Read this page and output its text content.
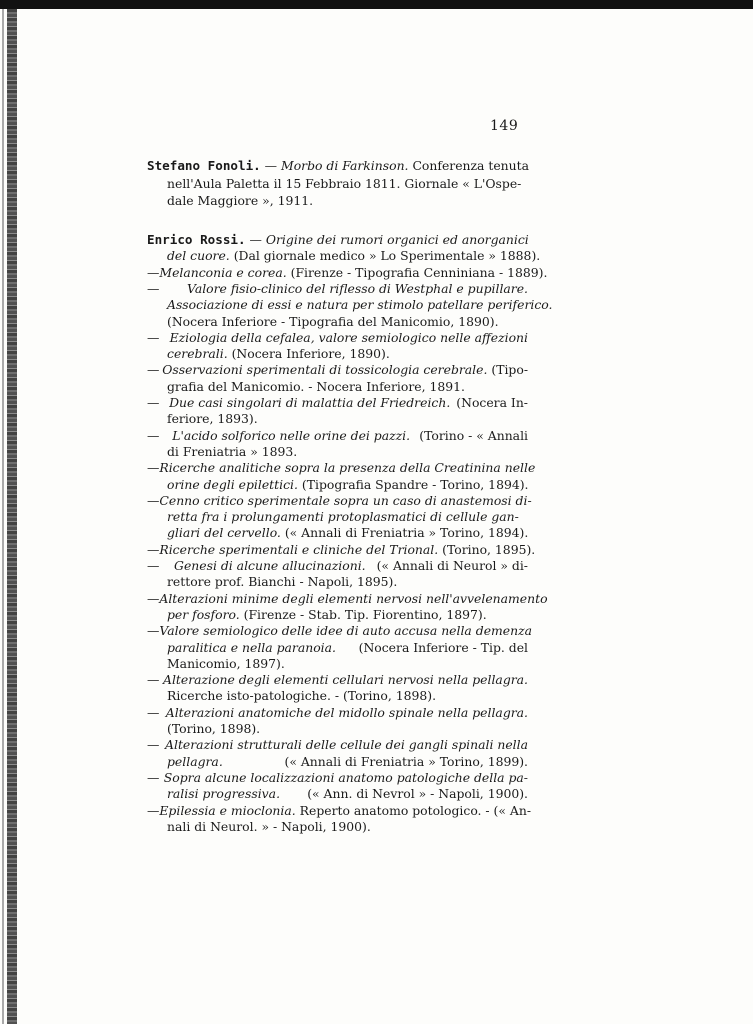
149
Stefano Fonoli. — Morbo di Farkinson. Conferenza tenuta
nell'Aula Paletta il 15 Febbraio 1811. Giornale « L'Ospe-
dale Maggiore », 1911.
Enrico Rossi. — Origine dei rumori organici ed anorganici
del cuore. (Dal giornale medico » Lo Sperimentale » 1888).
— Melanconia e corea. (Firenze - Tipografia Cenniniana - 1889).
—	Valore fisio-clinico del riflesso di Westphal e pupillare.
Associazione di essi e natura per stimolo patellare periferico.
(Nocera Inferiore - Tipografia del Manicomio, 1890).
— Eziologia della cefalea, valore semiologico nelle affezioni
cerebrali. (Nocera Inferiore, 1890).
— Osservazioni sperimentali di tossicologia cerebrale. (Tipo-
grafia del Manicomio. - Nocera Inferiore, 1891.
— Due casi singolari di malattia del Friedreich. (Nocera In-
feriore, 1893).
—	L'acido solforico nelle orine dei pazzi. (Torino - « Annali
di Freniatria » 1893.
— Ricerche analitiche sopra la presenza della Creatinina nelle
orine degli epilettici. (Tipografia Spandre - Torino, 1894).
— Cenno critico sperimentale sopra un caso di anastemosi di-
retta fra i prolungamenti protoplasmatici di cellule gan-
gliari del cervello. (« Annali di Freniatria » Torino, 1894).
— Ricerche sperimentali e cliniche del Trional. (Torino, 1895).
—	Genesi di alcune allucinazioni. (« Annali di Neurol » di-
rettore prof. Bianchi - Napoli, 1895).
— Alterazioni minime degli elementi nervosi nell'avvelenamento
per fosforo. (Firenze - Stab. Tip. Fiorentino, 1897).
— Valore semiologico delle idee di auto accusa nella demenza
paralitica e nella paranoia. (Nocera Inferiore - Tip. del
Manicomio, 1897).
— Alterazione degli elementi cellulari nervosi nella pellagra.
Ricerche isto-patologiche. - (Torino, 1898).
— Alterazioni anatomiche del midollo spinale nella pellagra.
(Torino, 1898).
— Alterazioni strutturali delle cellule dei gangli spinali nella
pellagra.	(« Annali di Freniatria » Torino, 1899).
— Sopra alcune localizzazioni anatomo patologiche della pa-
ralisi progressiva. (« Ann. di Nevrol » - Napoli, 1900).
— Epilessia e mioclonia. Reperto anatomo potologico. - (« An-
nali di Neurol. » - Napoli, 1900).
